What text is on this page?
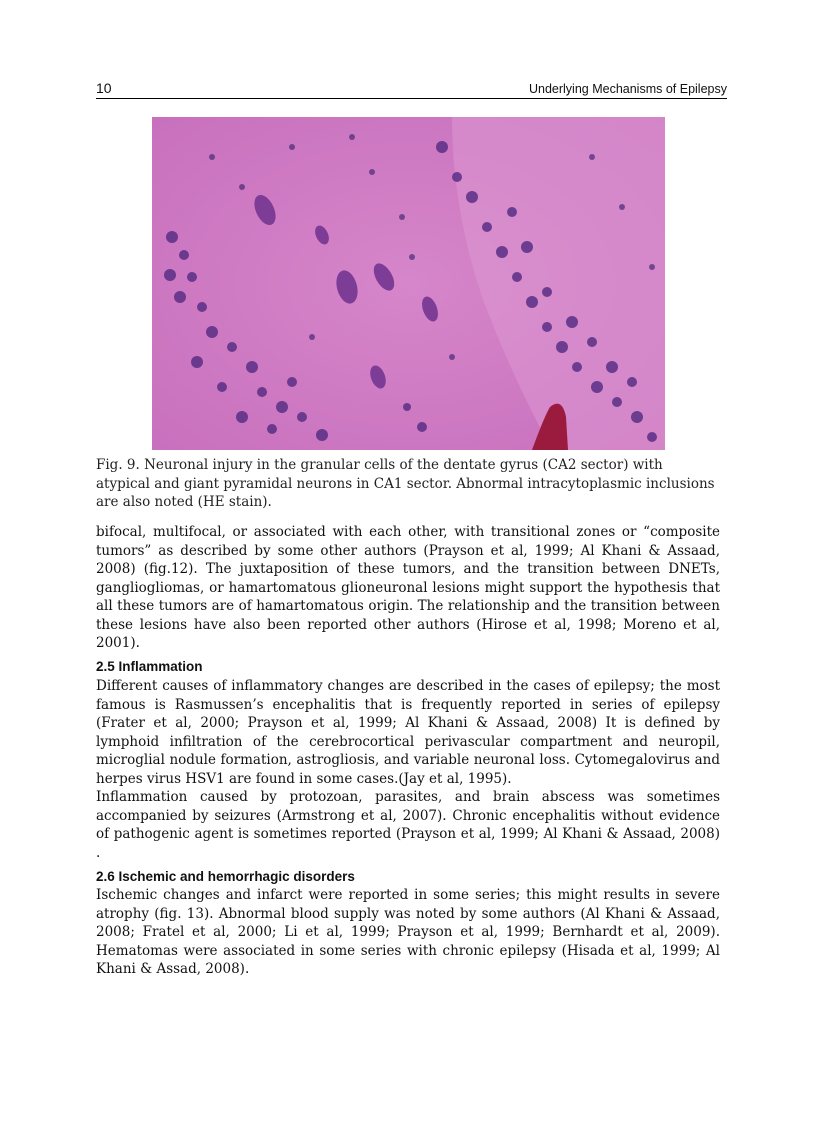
10	Underlying Mechanisms of Epilepsy
Fig. 9. Neuronal injury in the granular cells of the dentate gyrus (CA2 sector) with atypical and giant pyramidal neurons in CA1 sector. Abnormal intracytoplasmic inclusions are also noted (HE stain).

bifocal, multifocal, or associated with each other, with transitional zones or “composite tumors” as described by some other authors (Prayson et al, 1999; Al Khani & Assaad, 2008) (fig.12). The juxtaposition of these tumors, and the transition between DNETs, gangliogliomas, or hamartomatous glioneuronal lesions might support the hypothesis that all these tumors are of hamartomatous origin. The relationship and the transition between these lesions have also been reported other authors (Hirose et al, 1998; Moreno et al, 2001).

2.5 Inflammation

Different causes of inflammatory changes are described in the cases of epilepsy; the most famous is Rasmussen’s encephalitis that is frequently reported in series of epilepsy (Frater et al, 2000; Prayson et al, 1999; Al Khani & Assaad, 2008) It is defined by lymphoid infiltration of the cerebrocortical perivascular compartment and neuropil, microglial nodule formation, astrogliosis, and variable neuronal loss. Cytomegalovirus and herpes virus HSV1 are found in some cases.(Jay et al, 1995).

Inflammation caused by protozoan, parasites, and brain abscess was sometimes accompanied by seizures (Armstrong et al, 2007). Chronic encephalitis without evidence of pathogenic agent is sometimes reported (Prayson et al, 1999; Al Khani & Assaad, 2008) .

2.6 Ischemic and hemorrhagic disorders

Ischemic changes and infarct were reported in some series; this might results in severe atrophy (fig. 13). Abnormal blood supply was noted by some authors (Al Khani & Assaad, 2008; Fratel et al, 2000; Li et al, 1999; Prayson et al, 1999; Bernhardt et al, 2009). Hematomas were associated in some series with chronic epilepsy (Hisada et al, 1999; Al Khani & Assad, 2008).
